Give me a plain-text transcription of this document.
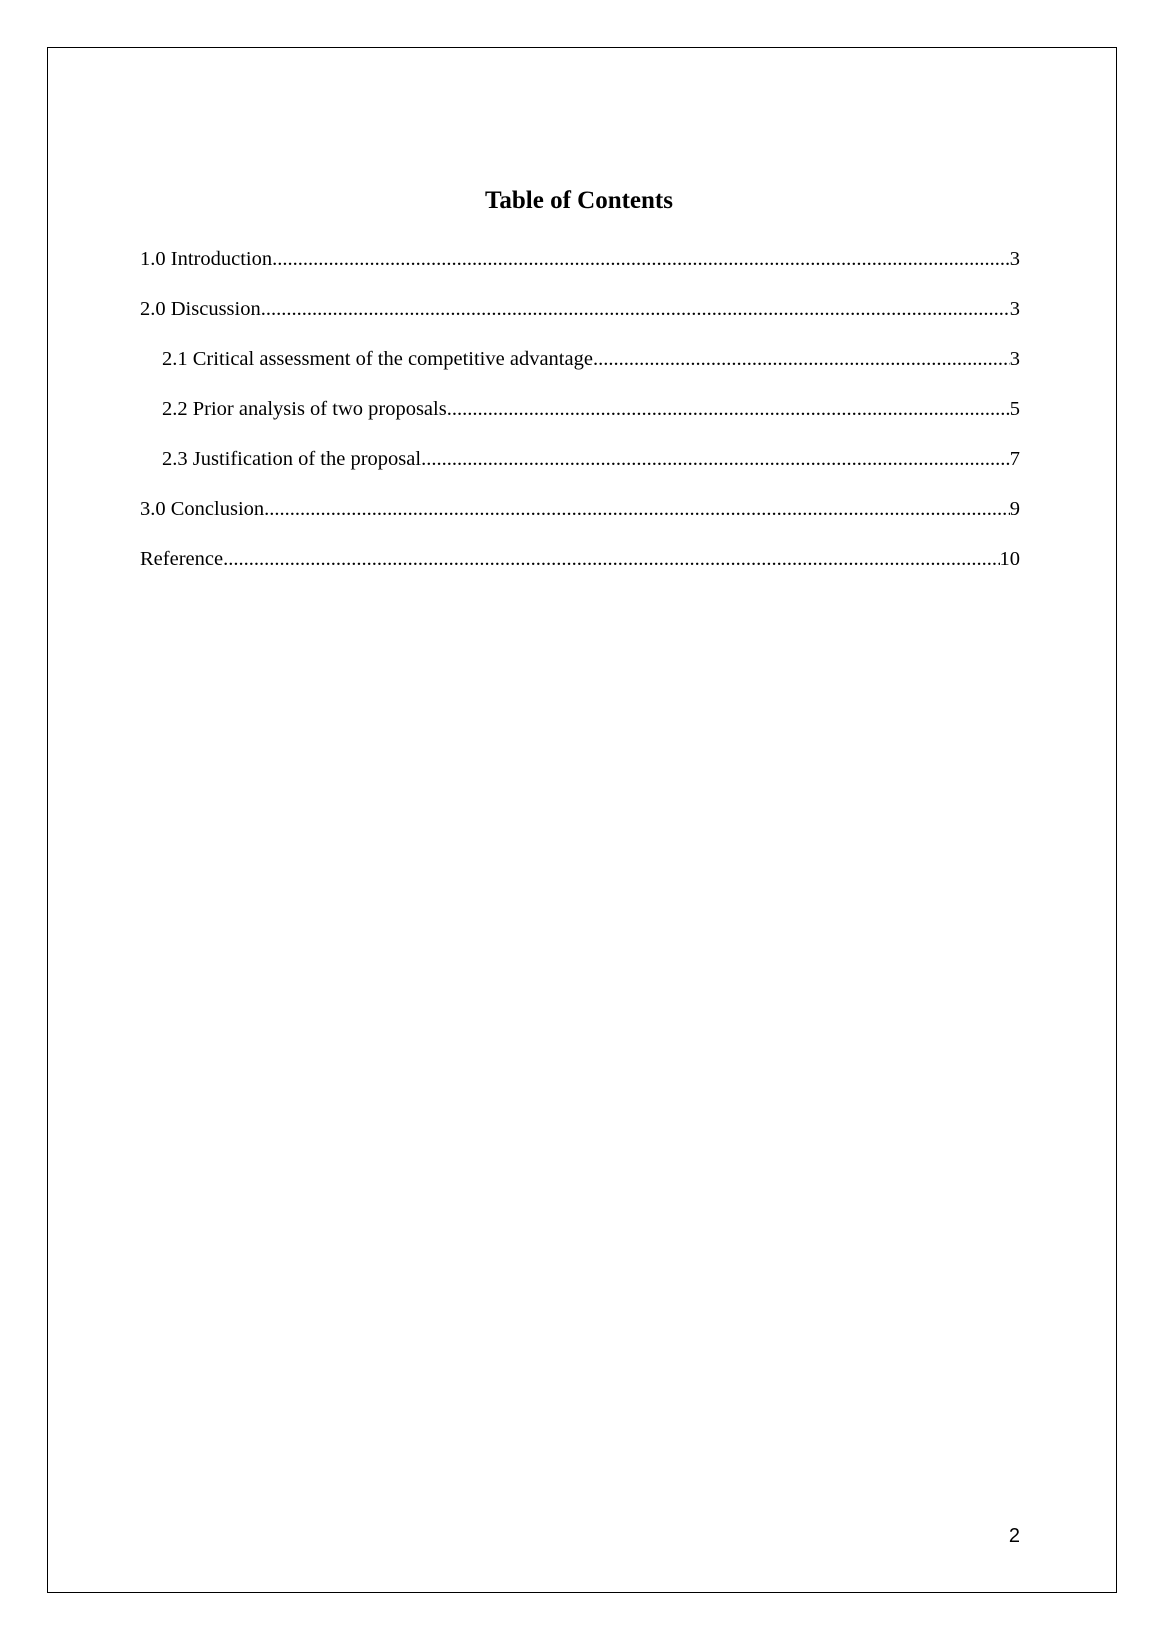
Table of Contents
1.0 Introduction .....	3
2.0 Discussion .....	3
2.1 Critical assessment of the competitive advantage .....	3
2.2 Prior analysis of two proposals .....	5
2.3 Justification of the proposal .....	7
3.0 Conclusion .....	9
Reference .....	10
2
